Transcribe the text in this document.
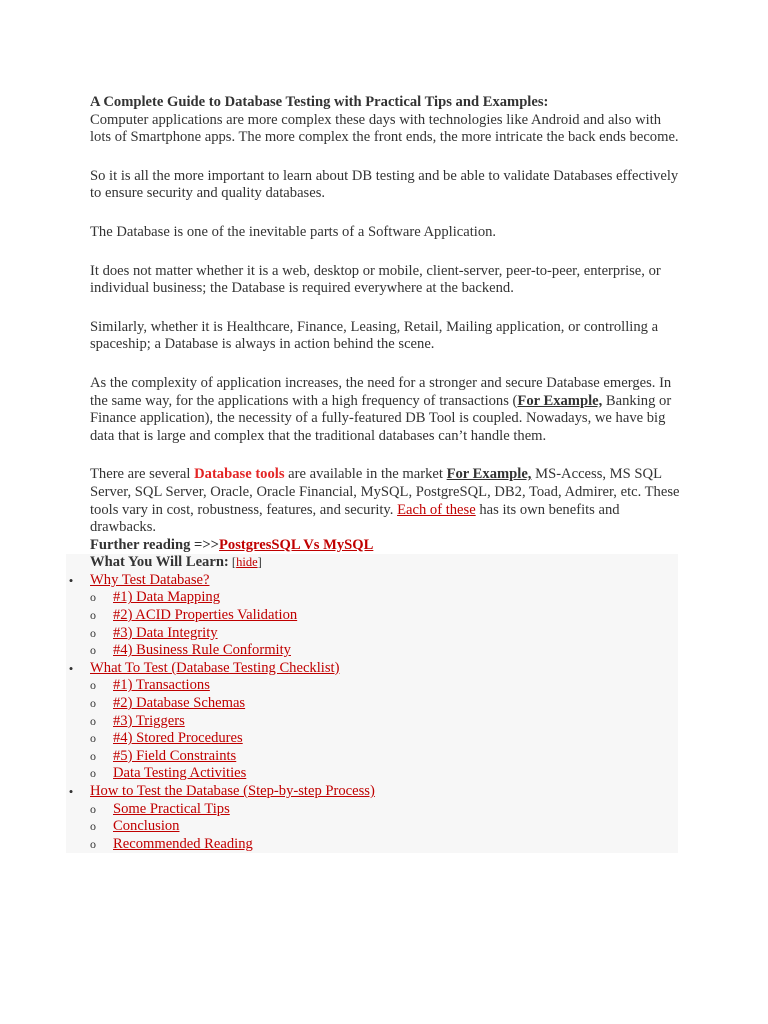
A Complete Guide to Database Testing with Practical Tips and Examples:
Computer applications are more complex these days with technologies like Android and also with lots of Smartphone apps. The more complex the front ends, the more intricate the back ends become.

So it is all the more important to learn about DB testing and be able to validate Databases effectively to ensure security and quality databases.

The Database is one of the inevitable parts of a Software Application.

It does not matter whether it is a web, desktop or mobile, client-server, peer-to-peer, enterprise, or individual business; the Database is required everywhere at the backend.

Similarly, whether it is Healthcare, Finance, Leasing, Retail, Mailing application, or controlling a spaceship; a Database is always in action behind the scene.

As the complexity of application increases, the need for a stronger and secure Database emerges. In the same way, for the applications with a high frequency of transactions (For Example, Banking or Finance application), the necessity of a fully-featured DB Tool is coupled. Nowadays, we have big data that is large and complex that the traditional databases can’t handle them.

There are several Database tools are available in the market For Example, MS-Access, MS SQL Server, SQL Server, Oracle, Oracle Financial, MySQL, PostgreSQL, DB2, Toad, Admirer, etc. These tools vary in cost, robustness, features, and security. Each of these has its own benefits and drawbacks.

Further reading =>>PostgresSQL Vs MySQL

What You Will Learn: [hide]
• Why Test Database?
o #1) Data Mapping
o #2) ACID Properties Validation
o #3) Data Integrity
o #4) Business Rule Conformity
• What To Test (Database Testing Checklist)
o #1) Transactions
o #2) Database Schemas
o #3) Triggers
o #4) Stored Procedures
o #5) Field Constraints
o Data Testing Activities
• How to Test the Database (Step-by-step Process)
o Some Practical Tips
o Conclusion
o Recommended Reading
